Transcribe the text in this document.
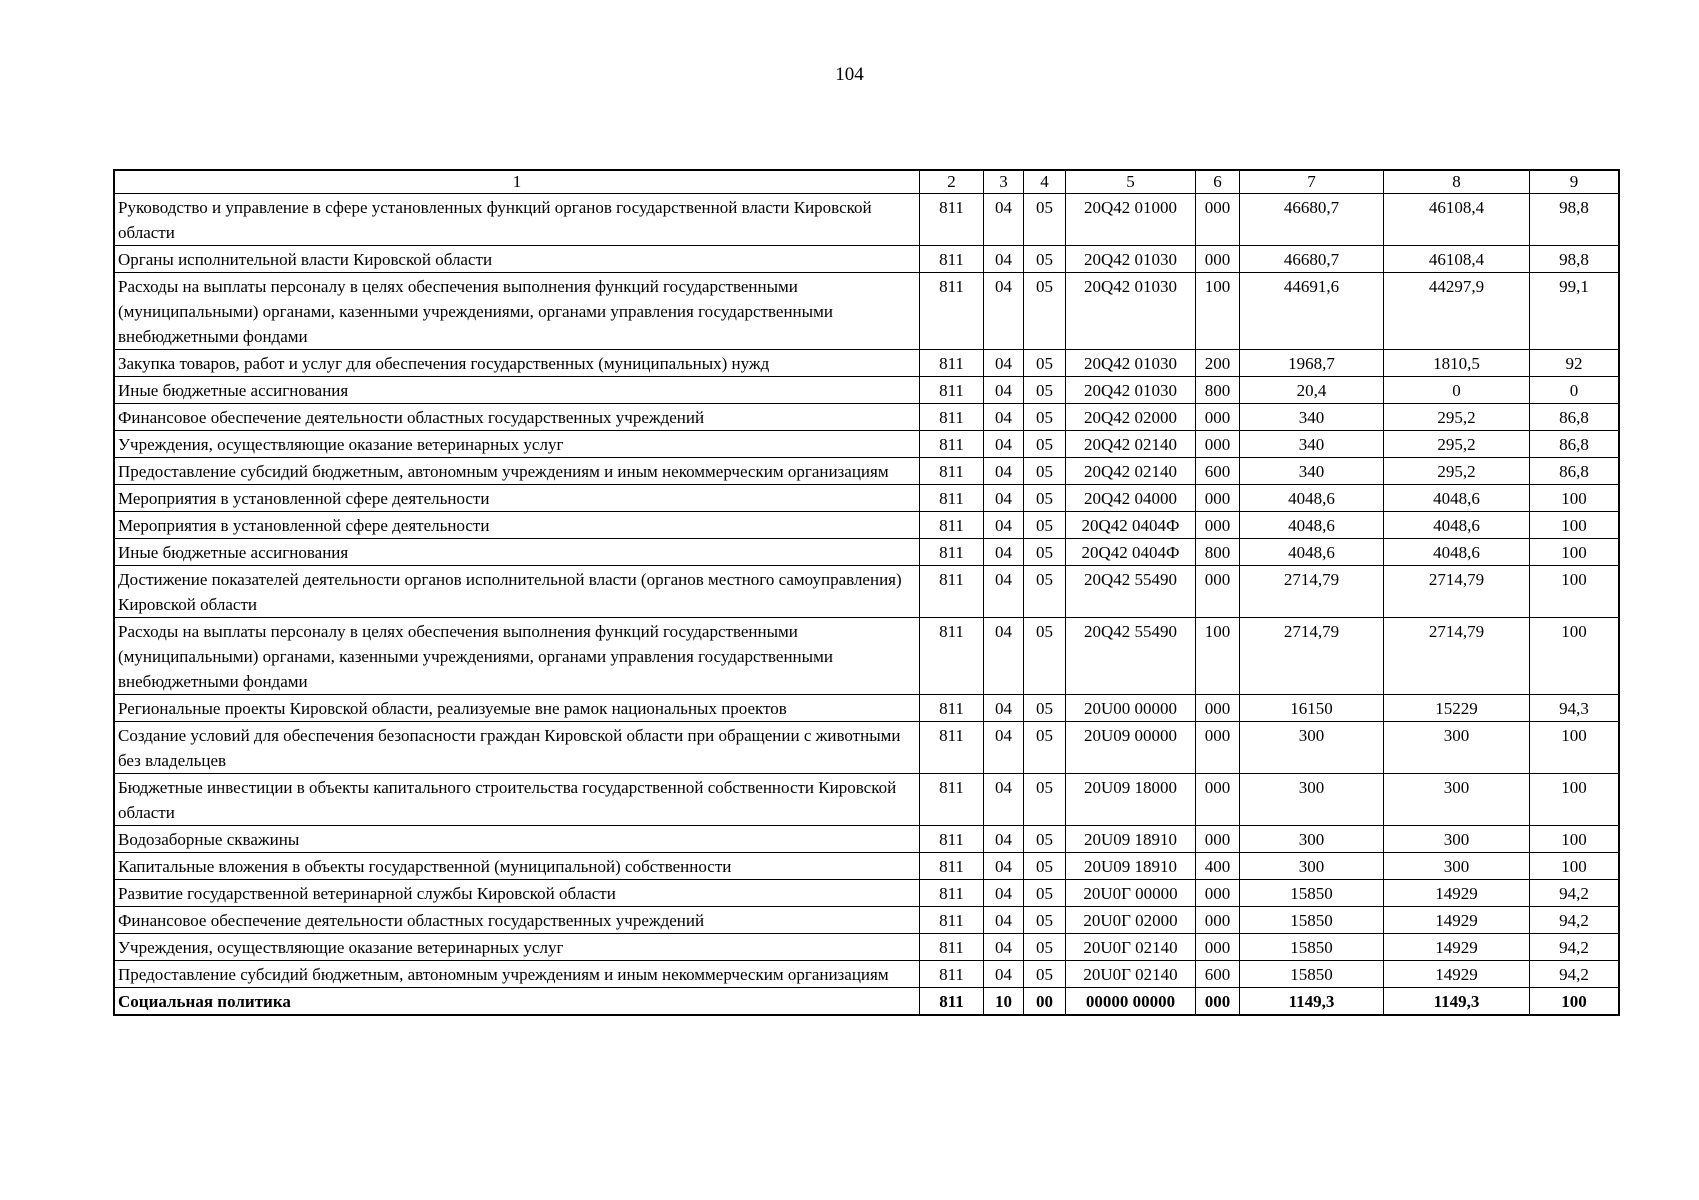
104
1	2	3	4	5	6	7	8	9
Руководство и управление в сфере установленных функций органов государственной власти Кировской области	811	04	05	20Q42 01000	000	46680,7	46108,4	98,8
Органы исполнительной власти Кировской области	811	04	05	20Q42 01030	000	46680,7	46108,4	98,8
Расходы на выплаты персоналу в целях обеспечения выполнения функций государственными (муниципальными) органами, казенными учреждениями, органами управления государственными внебюджетными фондами	811	04	05	20Q42 01030	100	44691,6	44297,9	99,1
Закупка товаров, работ и услуг для обеспечения государственных (муниципальных) нужд	811	04	05	20Q42 01030	200	1968,7	1810,5	92
Иные бюджетные ассигнования	811	04	05	20Q42 01030	800	20,4	0	0
Финансовое обеспечение деятельности областных государственных учреждений	811	04	05	20Q42 02000	000	340	295,2	86,8
Учреждения, осуществляющие оказание ветеринарных услуг	811	04	05	20Q42 02140	000	340	295,2	86,8
Предоставление субсидий бюджетным, автономным учреждениям и иным некоммерческим организациям	811	04	05	20Q42 02140	600	340	295,2	86,8
Мероприятия в установленной сфере деятельности	811	04	05	20Q42 04000	000	4048,6	4048,6	100
Мероприятия в установленной сфере деятельности	811	04	05	20Q42 0404Ф	000	4048,6	4048,6	100
Иные бюджетные ассигнования	811	04	05	20Q42 0404Ф	800	4048,6	4048,6	100
Достижение показателей деятельности органов исполнительной власти (органов местного самоуправления) Кировской области	811	04	05	20Q42 55490	000	2714,79	2714,79	100
Расходы на выплаты персоналу в целях обеспечения выполнения функций государственными (муниципальными) органами, казенными учреждениями, органами управления государственными внебюджетными фондами	811	04	05	20Q42 55490	100	2714,79	2714,79	100
Региональные проекты Кировской области, реализуемые вне рамок национальных проектов	811	04	05	20U00 00000	000	16150	15229	94,3
Создание условий для обеспечения безопасности граждан Кировской области при обращении с животными без владельцев	811	04	05	20U09 00000	000	300	300	100
Бюджетные инвестиции в объекты капитального строительства государственной собственности Кировской области	811	04	05	20U09 18000	000	300	300	100
Водозаборные скважины	811	04	05	20U09 18910	000	300	300	100
Капитальные вложения в объекты государственной (муниципальной) собственности	811	04	05	20U09 18910	400	300	300	100
Развитие государственной ветеринарной службы Кировской области	811	04	05	20U0Г 00000	000	15850	14929	94,2
Финансовое обеспечение деятельности областных государственных учреждений	811	04	05	20U0Г 02000	000	15850	14929	94,2
Учреждения, осуществляющие оказание ветеринарных услуг	811	04	05	20U0Г 02140	000	15850	14929	94,2
Предоставление субсидий бюджетным, автономным учреждениям и иным некоммерческим организациям	811	04	05	20U0Г 02140	600	15850	14929	94,2
Социальная политика	811	10	00	00000 00000	000	1149,3	1149,3	100
